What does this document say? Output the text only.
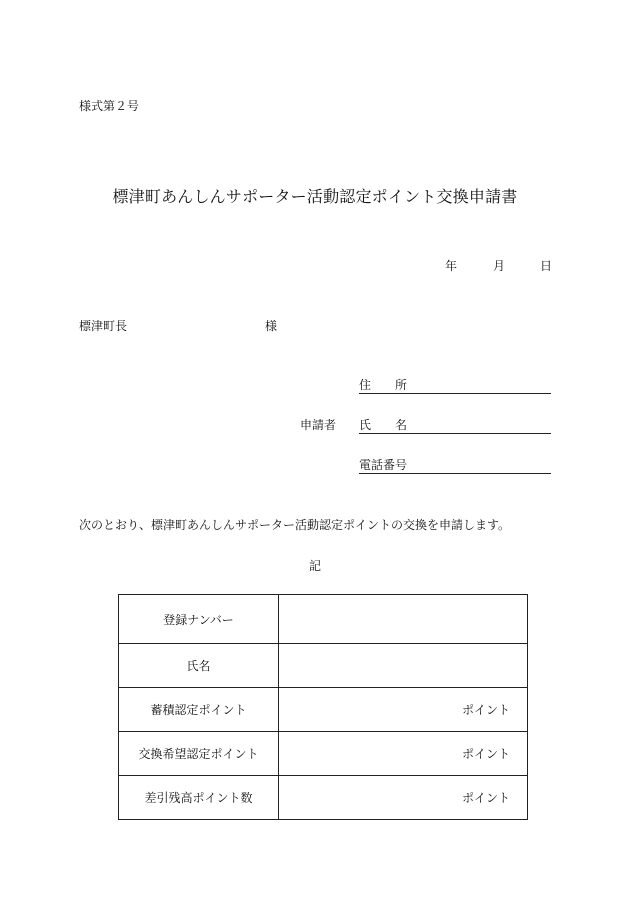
様式第２号
標津町あんしんサポーター活動認定ポイント交換申請書
年	月	日
標津町長	様
申請者
住　　所
氏　　名
電話番号
次のとおり、標津町あんしんサポーター活動認定ポイントの交換を申請します。
記
登録ナンバー	
氏名	
蓄積認定ポイント	ポイント
交換希望認定ポイント	ポイント
差引残高ポイント数	ポイント
